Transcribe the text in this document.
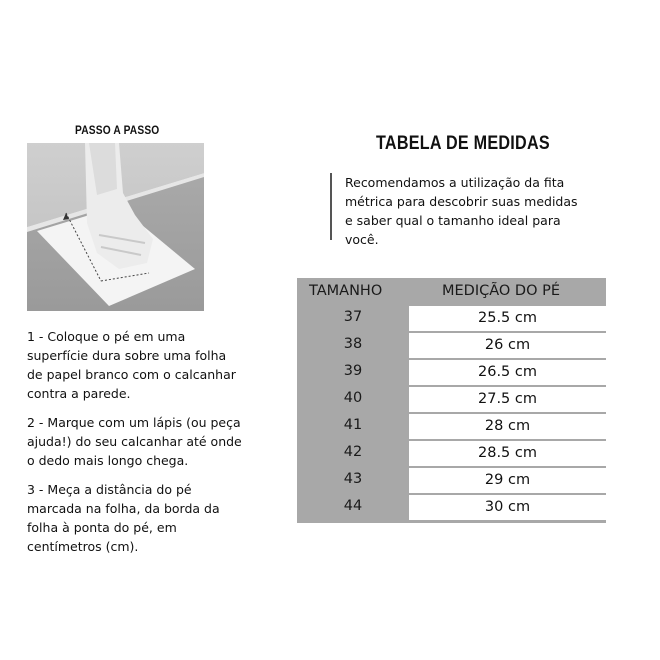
PASSO A PASSO

1 - Coloque o pé em uma superfície dura sobre uma folha de papel branco com o calcanhar contra a parede.

2 - Marque com um lápis (ou peça ajuda!) do seu calcanhar até onde o dedo mais longo chega.

3 - Meça a distância do pé marcada na folha, da borda da folha à ponta do pé, em centímetros (cm).

TABELA DE MEDIDAS
Recomendamos a utilização da fita métrica para descobrir suas medidas e saber qual o tamanho ideal para você.
TAMANHO	MEDIÇÃO DO PÉ
37	25.5 cm
38	26 cm
39	26.5 cm
40	27.5 cm
41	28 cm
42	28.5 cm
43	29 cm
44	30 cm
